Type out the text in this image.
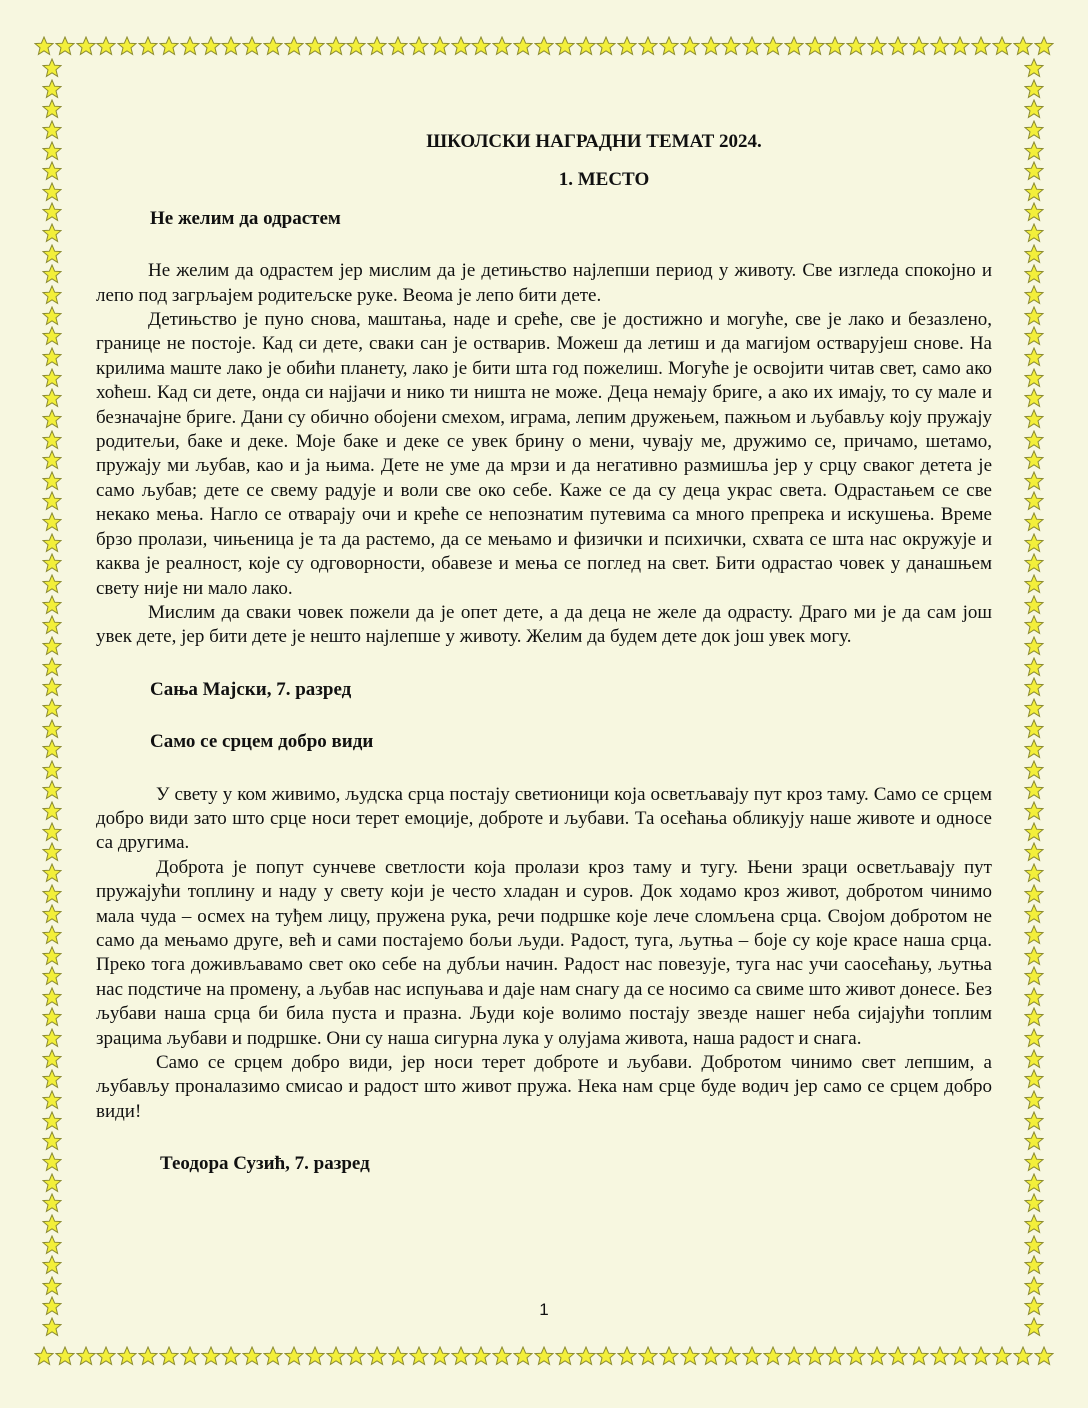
ШКОЛСКИ НАГРАДНИ ТЕМАТ 2024.
1. МЕСТО
Не желим да одрастем

Не желим да одрастем јер мислим да је детињство најлепши период у животу. Све изгледа спокојно и лепо под загрљајем родитељске руке. Веома је лепо бити дете.

Детињство је пуно снова, маштања, наде и среће, све је достижно и могуће, све је лако и безазлено, границе не постоје. Кад си дете, сваки сан је остварив. Можеш да летиш и да магијом остварујеш снове. На крилима маште лако је обићи планету, лако је бити шта год пожелиш. Могуће је освојити читав свет, само ако хоћеш. Кад си дете, онда си најјачи и нико ти ништа не може. Деца немају бриге, а ако их имају, то су мале и безначајне бриге. Дани су обично обојени смехом, играма, лепим дружењем, пажњом и љубављу коју пружају родитељи, баке и деке. Моје баке и деке се увек брину о мени, чувају ме, дружимо се, причамо, шетамо, пружају ми љубав, као и ја њима. Дете не уме да мрзи и да негативно размишља јер у срцу сваког детета је само љубав; дете се свему радује и воли све око себе. Каже се да су деца украс света. Одрастањем се све некако мења. Нагло се отварају очи и креће се непознатим путевима са много препрека и искушења. Време брзо пролази, чињеница је та да растемо, да се мењамо и физички и психички, схвата се шта нас окружује и каква је реалност, које су одговорности, обавезе и мења се поглед на свет. Бити одрастао човек у данашњем свету није ни мало лако.

Мислим да сваки човек пожели да је опет дете, а да деца не желе да одрасту. Драго ми је да сам још увек дете, јер бити дете је нешто најлепше у животу. Желим да будем дете док још увек могу.

Сања Мајски, 7. разред
Само се срцем добро види

У свету у ком живимо, људска срца постају светионици која осветљавају пут кроз таму. Само се срцем добро види зато што срце носи терет емоције, доброте и љубави. Та осећања обликују наше животе и односе са другима.

Доброта је попут сунчеве светлости која пролази кроз таму и тугу. Њени зраци осветљавају пут пружајући топлину и наду у свету који је често хладан и суров. Док ходамо кроз живот, добротом чинимо мала чуда – осмех на туђем лицу, пружена рука, речи подршке које лече сломљена срца. Својом добротом не само да мењамо друге, већ и сами постајемо бољи људи. Радост, туга, љутња – боје су које красе наша срца. Преко тога доживљавамо свет око себе на дубљи начин. Радост нас повезује, туга нас учи саосећању, љутња нас подстиче на промену, а љубав нас испуњава и даје нам снагу да се носимо са свиме што живот донесе. Без љубави наша срца би била пуста и празна. Људи које волимо постају звезде нашег неба сијајући топлим зрацима љубави и подршке. Они су наша сигурна лука у олујама живота, наша радост и снага.

Само се срцем добро види, јер носи терет доброте и љубави. Добротом чинимо свет лепшим, а љубављу проналазимо смисао и радост што живот пружа. Нека нам срце буде водич јер само се срцем добро види!

Теодора Сузић, 7. разред
1
